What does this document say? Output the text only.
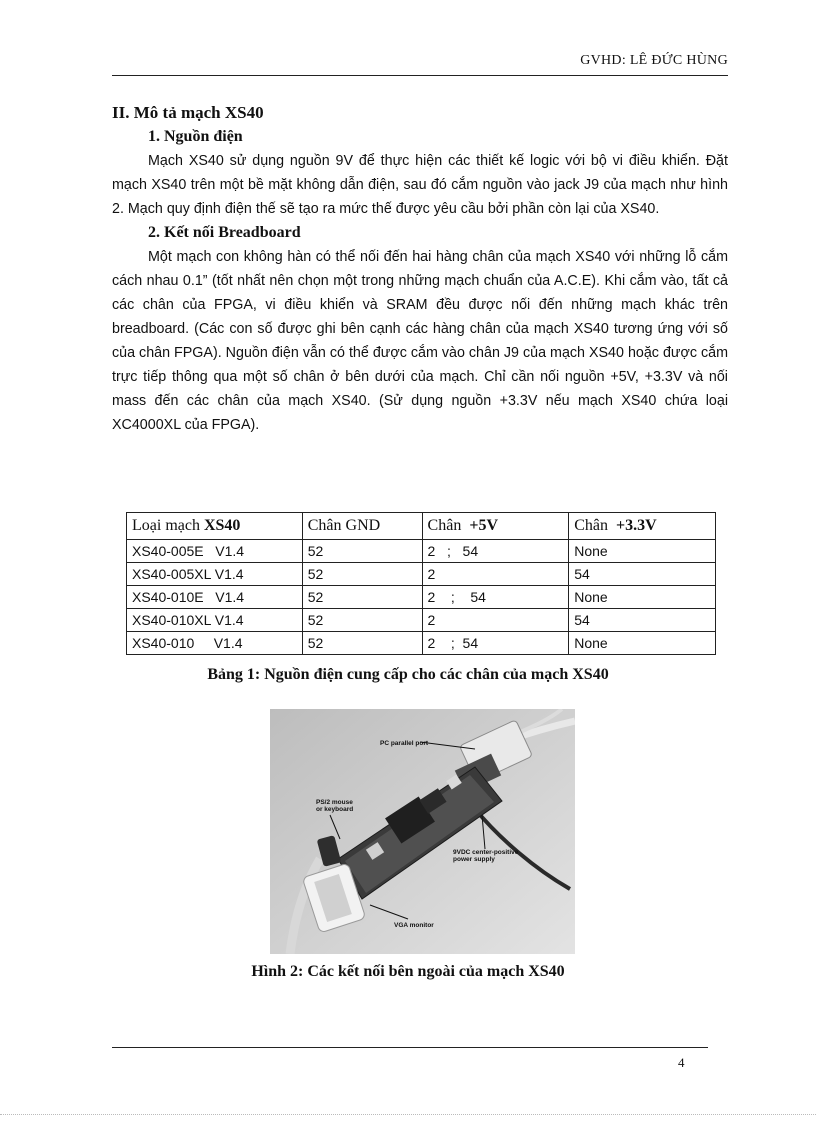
GVHD: LÊ ĐỨC HÙNG

II. Mô tả mạch XS40

1. Nguồn điện

Mạch XS40 sử dụng nguồn 9V để thực hiện các thiết kế logic với bộ vi điều khiển. Đặt mạch XS40 trên một bề mặt không dẫn điện, sau đó cắm nguồn vào jack J9 của mạch như hình 2. Mạch quy định điện thế sẽ tạo ra mức thế được yêu cầu bởi phần còn lại của XS40.

2. Kết nối Breadboard

Một mạch con không hàn có thể nối đến hai hàng chân của mạch XS40 với những lỗ cắm cách nhau 0.1” (tốt nhất nên chọn một trong những mạch chuẩn của A.C.E). Khi cắm vào, tất cả các chân của FPGA, vi điều khiển và SRAM đều được nối đến những mạch khác trên breadboard. (Các con số được ghi bên cạnh các hàng chân của mạch XS40 tương ứng với số của chân FPGA). Nguồn điện vẫn có thể được cắm vào chân J9 của mạch XS40 hoặc được cắm trực tiếp thông qua một số chân ở bên dưới của mạch. Chỉ cần nối nguồn +5V, +3.3V và nối mass đến các chân của mạch XS40. (Sử dụng nguồn +3.3V nếu mạch XS40 chứa loại XC4000XL của FPGA).

Loại mạch XS40	Chân GND	Chân  +5V	Chân  +3.3V
XS40-005E   V1.4	52	2   ;   54	None
XS40-005XL V1.4	52	2	54
XS40-010E   V1.4	52	2    ;    54	None
XS40-010XL V1.4	52	2	54
XS40-010     V1.4	52	2    ;  54	None
Bảng 1: Nguồn điện cung cấp cho các chân của mạch XS40
PC parallel port
PS/2 mouse
or keyboard
9VDC center-positive
power supply
VGA monitor
Hình 2: Các kết nối bên ngoài của mạch XS40
4
